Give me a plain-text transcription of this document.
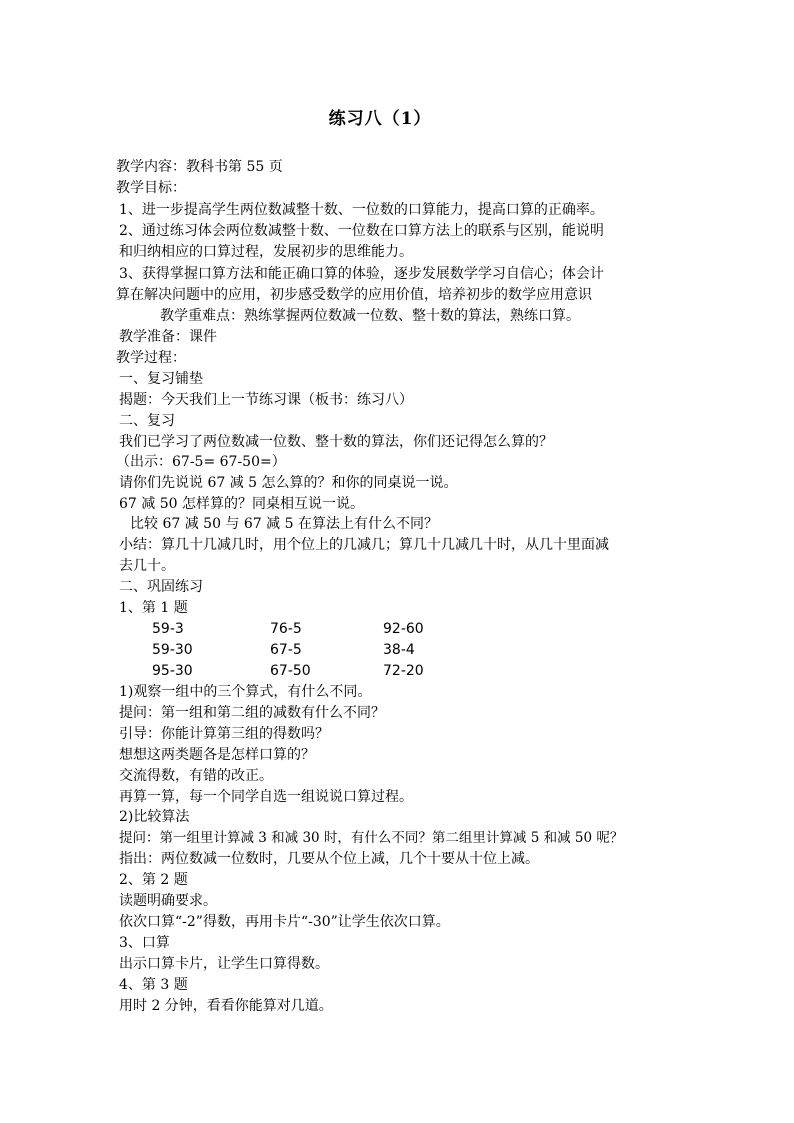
练习八（1）
教学内容：教科书第 55 页
教学目标：
1、进一步提高学生两位数减整十数、一位数的口算能力，提高口算的正确率。
2、通过练习体会两位数减整十数、一位数在口算方法上的联系与区别，能说明
和归纳相应的口算过程，发展初步的思维能力。
3、获得掌握口算方法和能正确口算的体验，逐步发展数学学习自信心；体会计
算在解决问题中的应用，初步感受数学的应用价值，培养初步的数学应用意识
教学重难点：熟练掌握两位数减一位数、整十数的算法，熟练口算。
教学准备：课件
教学过程：
一、复习铺垫
揭题：今天我们上一节练习课（板书：练习八）
二、复习
我们已学习了两位数减一位数、整十数的算法，你们还记得怎么算的？
（出示：67-5= 67-50=）
请你们先说说 67 减 5 怎么算的？和你的同桌说一说。
67 减 50 怎样算的？同桌相互说一说。
比较 67 减 50 与 67 减 5 在算法上有什么不同？
小结：算几十几减几时，用个位上的几减几；算几十几减几十时，从几十里面减
去几十。
二、巩固练习
1、第 1 题
59-3	76-5	92-60
59-30	67-5	38-4
95-30	67-50	72-20
1)观察一组中的三个算式，有什么不同。
提问：第一组和第二组的减数有什么不同？
引导：你能计算第三组的得数吗？
想想这两类题各是怎样口算的？
交流得数，有错的改正。
再算一算，每一个同学自选一组说说口算过程。
2)比较算法
提问：第一组里计算减 3 和减 30 时，有什么不同？第二组里计算减 5 和减 50 呢？
指出：两位数减一位数时，几要从个位上减，几个十要从十位上减。
2、第 2 题
读题明确要求。
依次口算“-2”得数，再用卡片“-30”让学生依次口算。
3、口算
出示口算卡片，让学生口算得数。
4、第 3 题
用时 2 分钟，看看你能算对几道。
